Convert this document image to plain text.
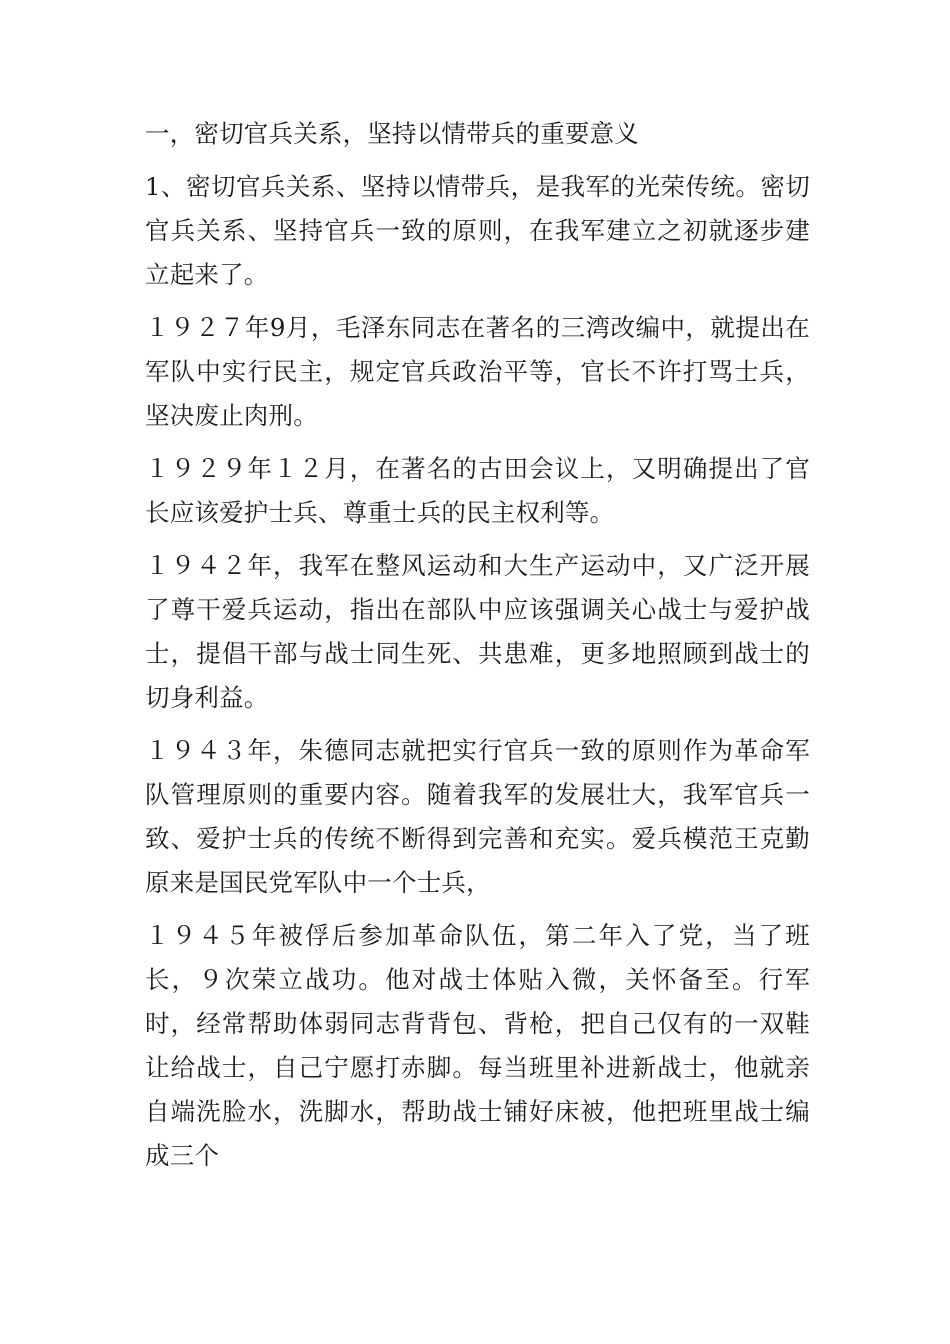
一，密切官兵关系，坚持以情带兵的重要意义

1、密切官兵关系、坚持以情带兵，是我军的光荣传统。密切官兵关系、坚持官兵一致的原则，在我军建立之初就逐步建立起来了。

１９２７年9月，毛泽东同志在著名的三湾改编中，就提出在军队中实行民主，规定官兵政治平等，官长不许打骂士兵，坚决废止肉刑。

１９２９年１２月，在著名的古田会议上，又明确提出了官长应该爱护士兵、尊重士兵的民主权利等。

１９４２年，我军在整风运动和大生产运动中，又广泛开展了尊干爱兵运动，指出在部队中应该强调关心战士与爱护战士，提倡干部与战士同生死、共患难，更多地照顾到战士的切身利益。

１９４３年，朱德同志就把实行官兵一致的原则作为革命军队管理原则的重要内容。随着我军的发展壮大，我军官兵一致、爱护士兵的传统不断得到完善和充实。爱兵模范王克勤原来是国民党军队中一个士兵，

１９４５年被俘后参加革命队伍，第二年入了党，当了班长，９次荣立战功。他对战士体贴入微，关怀备至。行军时，经常帮助体弱同志背背包、背枪，把自己仅有的一双鞋让给战士，自己宁愿打赤脚。每当班里补进新战士，他就亲自端洗脸水，洗脚水，帮助战士铺好床被，他把班里战士编成三个
